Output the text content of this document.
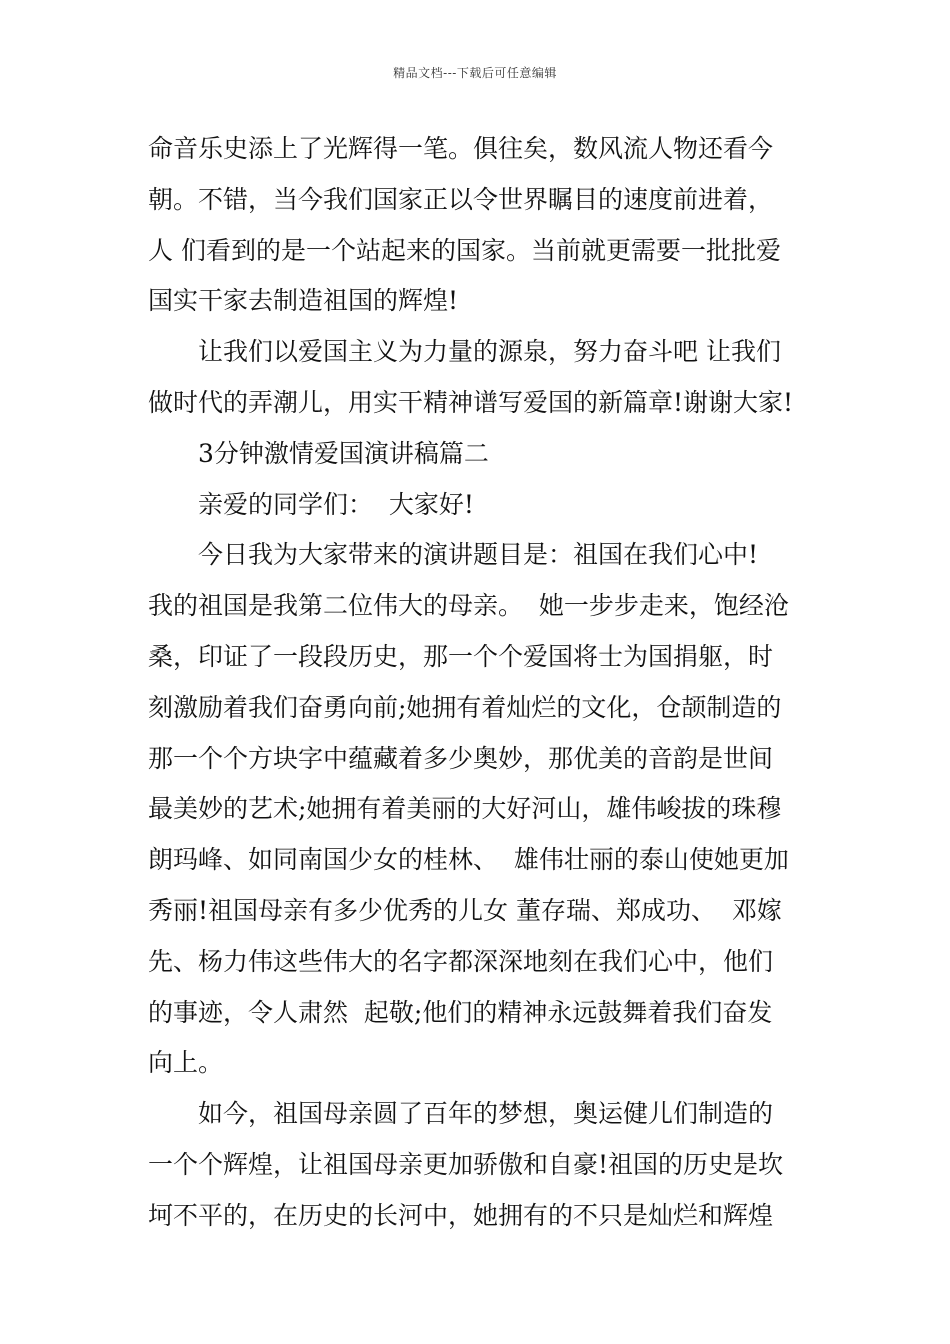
精品文档---下载后可任意编辑
命音乐史添上了光辉得一笔。俱往矣，数风流人物还看今
朝。不错，当今我们国家正以令世界瞩目的速度前进着，
人 们看到的是一个站起来的国家。当前就更需要一批批爱
国实干家去制造祖国的辉煌!
让我们以爱国主义为力量的源泉，努力奋斗吧 让我们
做时代的弄潮儿，用实干精神谱写爱国的新篇章!谢谢大家!
3分钟激情爱国演讲稿篇二
亲爱的同学们：  大家好!
今日我为大家带来的演讲题目是：祖国在我们心中!
我的祖国是我第二位伟大的母亲。  她一步步走来，饱经沧
桑，印证了一段段历史，那一个个爱国将士为国捐躯，时
刻激励着我们奋勇向前;她拥有着灿烂的文化，仓颉制造的
那一个个方块字中蕴藏着多少奥妙，那优美的音韵是世间
最美妙的艺术;她拥有着美丽的大好河山，雄伟峻拔的珠穆
朗玛峰、如同南国少女的桂林、  雄伟壮丽的泰山使她更加
秀丽!祖国母亲有多少优秀的儿女 董存瑞、郑成功、  邓嫁
先、杨力伟这些伟大的名字都深深地刻在我们心中，他们
的事迹，令人肃然  起敬;他们的精神永远鼓舞着我们奋发
向上。
如今，祖国母亲圆了百年的梦想，奥运健儿们制造的
一个个辉煌，让祖国母亲更加骄傲和自豪!祖国的历史是坎
坷不平的，在历史的长河中，她拥有的不只是灿烂和辉煌
